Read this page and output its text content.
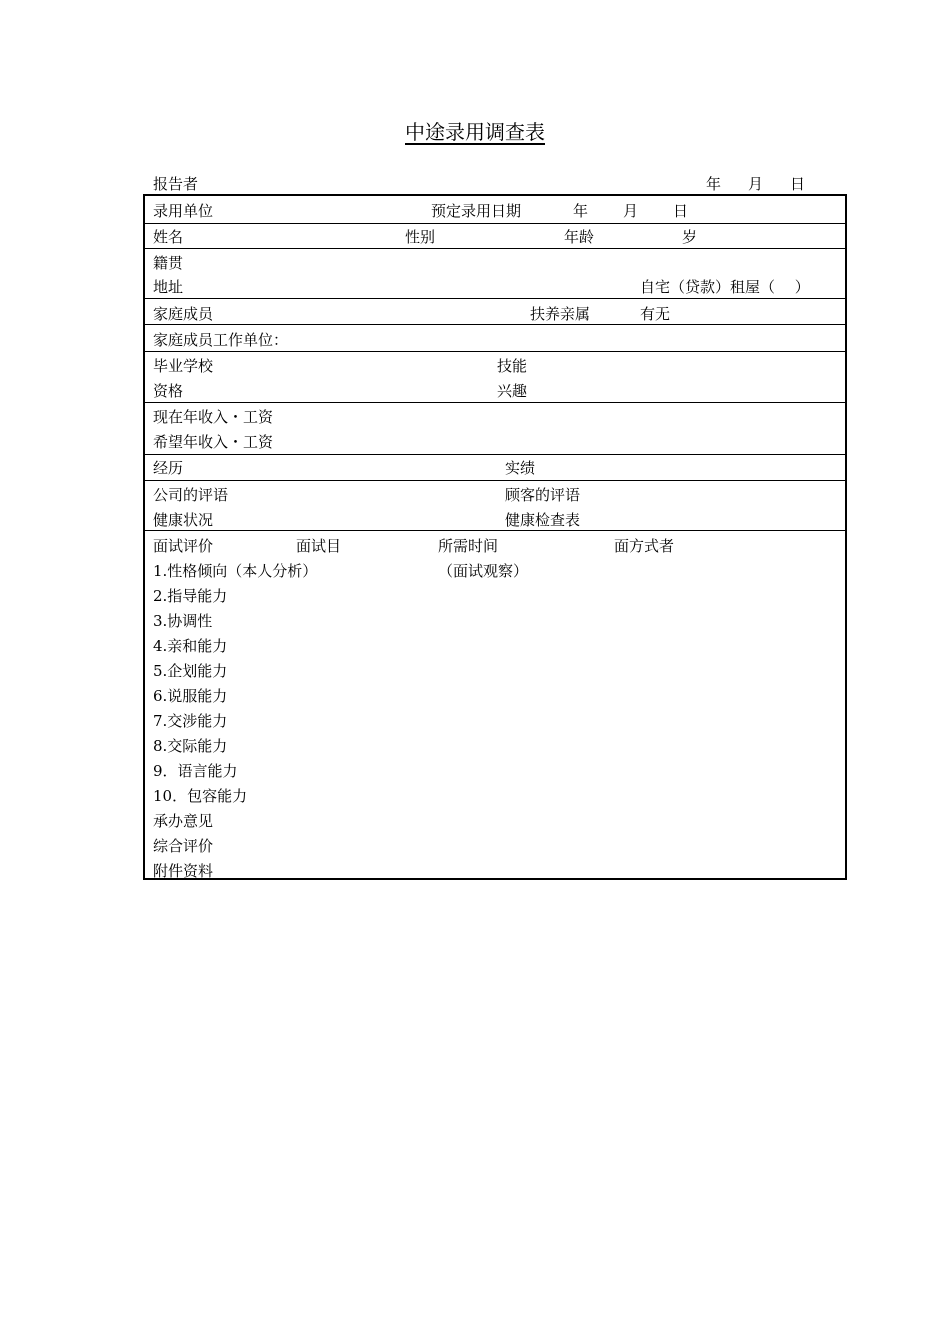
中途录用调查表
报告者	年 月 日
录用单位	预定录用日期	年 月 日
姓名	性别	年龄	岁
籍贯
地址	自宅（贷款）租屋（　 ）
家庭成员	扶养亲属	有无
家庭成员工作单位：
毕业学校	技能
资格	兴趣
现在年收入・工资
希望年收入・工资
经历	实绩
公司的评语	顾客的评语
健康状况	健康检查表
面试评价	面试目	所需时间	面方式者
1.性格倾向（本人分析）	（面试观察）
2.指导能力
3.协调性
4.亲和能力
5.企划能力
6.说服能力
7.交涉能力
8.交际能力
9．语言能力
10．包容能力
承办意见
综合评价
附件资料
